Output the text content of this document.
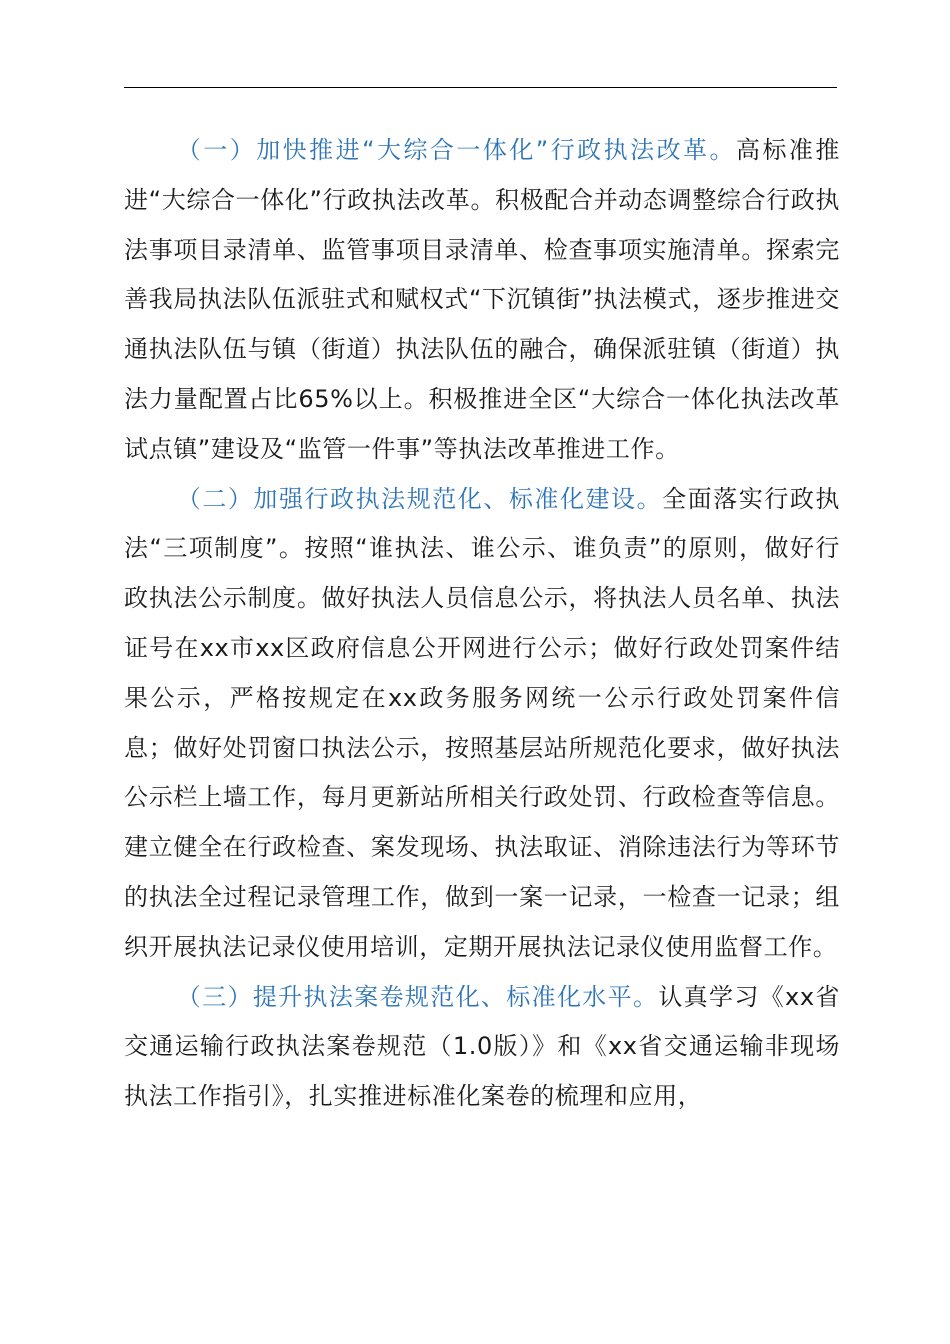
（一）加快推进“大综合一体化”行政执法改革。高标准推进“大综合一体化”行政执法改革。积极配合并动态调整综合行政执法事项目录清单、监管事项目录清单、检查事项实施清单。探索完善我局执法队伍派驻式和赋权式“下沉镇街”执法模式，逐步推进交通执法队伍与镇（街道）执法队伍的融合，确保派驻镇（街道）执法力量配置占比65%以上。积极推进全区“大综合一体化执法改革试点镇”建设及“监管一件事”等执法改革推进工作。

（二）加强行政执法规范化、标准化建设。全面落实行政执法“三项制度”。按照“谁执法、谁公示、谁负责”的原则，做好行政执法公示制度。做好执法人员信息公示，将执法人员名单、执法证号在xx市xx区政府信息公开网进行公示；做好行政处罚案件结果公示，严格按规定在xx政务服务网统一公示行政处罚案件信息；做好处罚窗口执法公示，按照基层站所规范化要求，做好执法公示栏上墙工作，每月更新站所相关行政处罚、行政检查等信息。建立健全在行政检查、案发现场、执法取证、消除违法行为等环节的执法全过程记录管理工作，做到一案一记录，一检查一记录；组织开展执法记录仪使用培训，定期开展执法记录仪使用监督工作。

（三）提升执法案卷规范化、标准化水平。认真学习《xx省交通运输行政执法案卷规范（1.0版）》和《xx省交通运输非现场执法工作指引》，扎实推进标准化案卷的梳理和应用，
